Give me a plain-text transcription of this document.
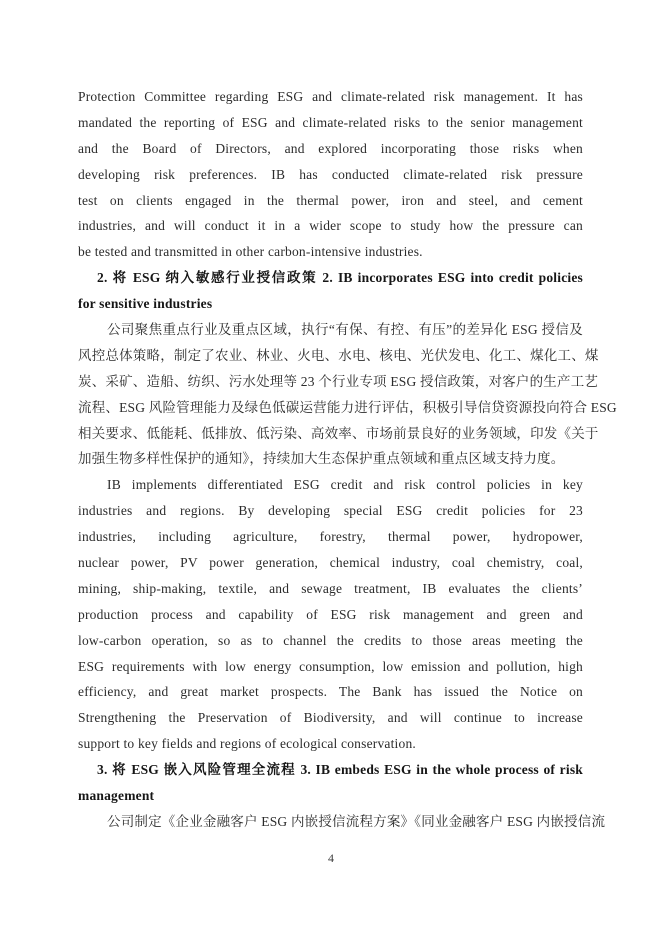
Protection Committee regarding ESG and climate-related risk management. It has
mandated the reporting of ESG and climate-related risks to the senior management
and the Board of Directors, and explored incorporating those risks when
developing risk preferences. IB has conducted climate-related risk pressure
test on clients engaged in the thermal power, iron and steel, and cement
industries, and will conduct it in a wider scope to study how the pressure can
be tested and transmitted in other carbon-intensive industries.
2. 将 ESG 纳入敏感行业授信政策 2. IB incorporates ESG into credit policies
for sensitive industries
公司聚焦重点行业及重点区域，执行“有保、有控、有压”的差异化 ESG 授信及
风控总体策略，制定了农业、林业、火电、水电、核电、光伏发电、化工、煤化工、煤
炭、采矿、造船、纺织、污水处理等 23 个行业专项 ESG 授信政策，对客户的生产工艺
流程、ESG 风险管理能力及绿色低碳运营能力进行评估，积极引导信贷资源投向符合 ESG
相关要求、低能耗、低排放、低污染、高效率、市场前景良好的业务领域，印发《关于
加强生物多样性保护的通知》，持续加大生态保护重点领域和重点区域支持力度。
IB implements differentiated ESG credit and risk control policies in key
industries and regions. By developing special ESG credit policies for 23
industries, including agriculture, forestry, thermal power, hydropower,
nuclear power, PV power generation, chemical industry, coal chemistry, coal,
mining, ship-making, textile, and sewage treatment, IB evaluates the clients’
production process and capability of ESG risk management and green and
low-carbon operation, so as to channel the credits to those areas meeting the
ESG requirements with low energy consumption, low emission and pollution, high
efficiency, and great market prospects. The Bank has issued the Notice on
Strengthening the Preservation of Biodiversity, and will continue to increase
support to key fields and regions of ecological conservation.
3. 将 ESG 嵌入风险管理全流程 3. IB embeds ESG in the whole process of risk
management
公司制定《企业金融客户 ESG 内嵌授信流程方案》《同业金融客户 ESG 内嵌授信流
4
